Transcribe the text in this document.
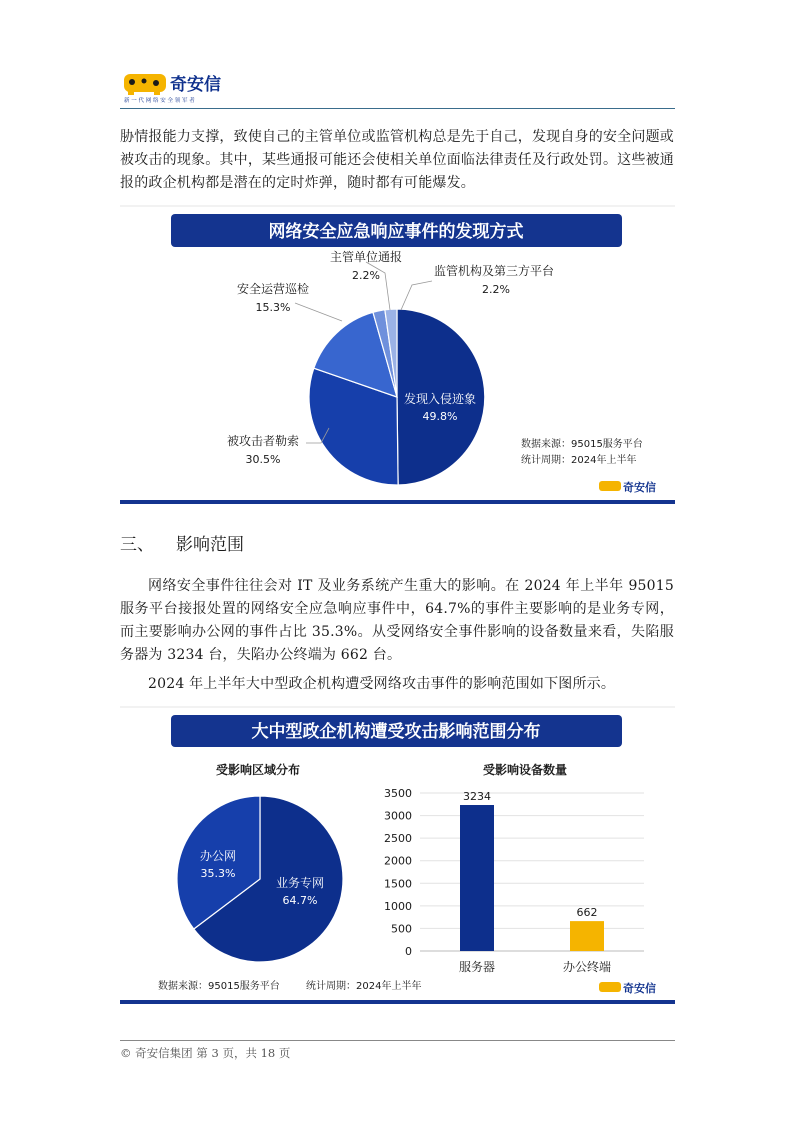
奇安信
新 一 代 网 络 安 全 领 军 者

胁情报能力支撑，致使自己的主管单位或监管机构总是先于自己，发现自身的安全问题或被攻击的现象。其中，某些通报可能还会使相关单位面临法律责任及行政处罚。这些被通报的政企机构都是潜在的定时炸弹，随时都有可能爆发。

网络安全应急响应事件的发现方式
主管单位通报
2.2%	监管机构及第三方平台
2.2%
安全运营巡检
15.3%
被攻击者勒索
30.5%
发现入侵迹象
49.8%
数据来源：95015服务平台
统计周期：2024年上半年
奇安信
三、 影响范围

网络安全事件往往会对 IT 及业务系统产生重大的影响。在 2024 年上半年 95015 服务平台接报处置的网络安全应急响应事件中，64.7%的事件主要影响的是业务专网，而主要影响办公网的事件占比 35.3%。从受网络安全事件影响的设备数量来看，失陷服务器为 3234 台，失陷办公终端为 662 台。

2024 年上半年大中型政企机构遭受网络攻击事件的影响范围如下图所示。

大中型政企机构遭受攻击影响范围分布
受影响区域分布	受影响设备数量
办公网
35.3%
业务专网
64.7%
0
500
1000
1500
2000
2500
3000
3500	3234
服务器
662
办公终端
数据来源：95015服务平台	统计周期：2024年上半年	奇安信
© 奇安信集团 第 3 页，共 18 页
